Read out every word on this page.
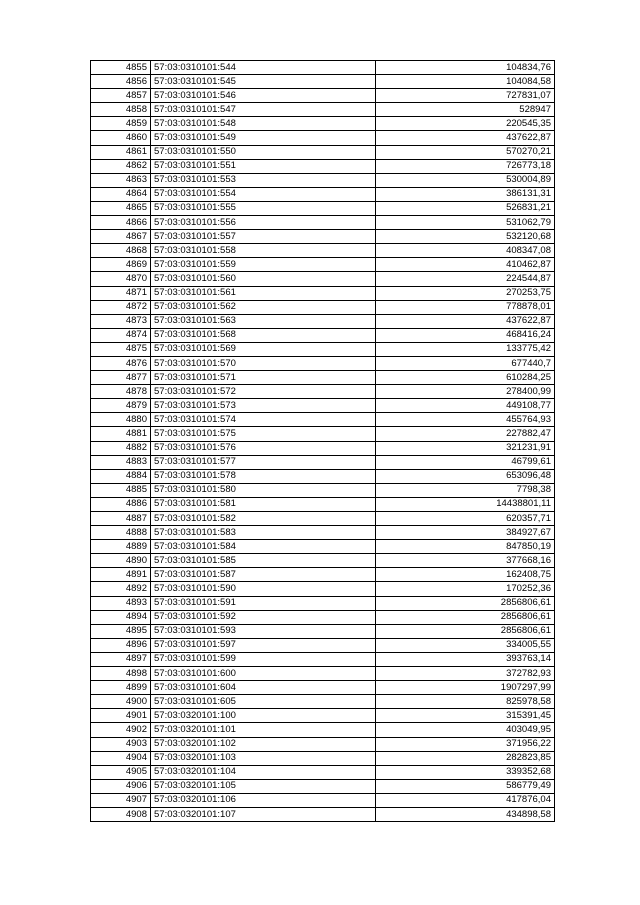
4855	57:03:0310101:544	104834,76
4856	57:03:0310101:545	104084,58
4857	57:03:0310101:546	727831,07
4858	57:03:0310101:547	528947
4859	57:03:0310101:548	220545,35
4860	57:03:0310101:549	437622,87
4861	57:03:0310101:550	570270,21
4862	57:03:0310101:551	726773,18
4863	57:03:0310101:553	530004,89
4864	57:03:0310101:554	386131,31
4865	57:03:0310101:555	526831,21
4866	57:03:0310101:556	531062,79
4867	57:03:0310101:557	532120,68
4868	57:03:0310101:558	408347,08
4869	57:03:0310101:559	410462,87
4870	57:03:0310101:560	224544,87
4871	57:03:0310101:561	270253,75
4872	57:03:0310101:562	778878,01
4873	57:03:0310101:563	437622,87
4874	57:03:0310101:568	468416,24
4875	57:03:0310101:569	133775,42
4876	57:03:0310101:570	677440,7
4877	57:03:0310101:571	610284,25
4878	57:03:0310101:572	278400,99
4879	57:03:0310101:573	449108,77
4880	57:03:0310101:574	455764,93
4881	57:03:0310101:575	227882,47
4882	57:03:0310101:576	321231,91
4883	57:03:0310101:577	46799,61
4884	57:03:0310101:578	653096,48
4885	57:03:0310101:580	7798,38
4886	57:03:0310101:581	14438801,11
4887	57:03:0310101:582	620357,71
4888	57:03:0310101:583	384927,67
4889	57:03:0310101:584	847850,19
4890	57:03:0310101:585	377668,16
4891	57:03:0310101:587	162408,75
4892	57:03:0310101:590	170252,36
4893	57:03:0310101:591	2856806,61
4894	57:03:0310101:592	2856806,61
4895	57:03:0310101:593	2856806,61
4896	57:03:0310101:597	334005,55
4897	57:03:0310101:599	393763,14
4898	57:03:0310101:600	372782,93
4899	57:03:0310101:604	1907297,99
4900	57:03:0310101:605	825978,58
4901	57:03:0320101:100	315391,45
4902	57:03:0320101:101	403049,95
4903	57:03:0320101:102	371956,22
4904	57:03:0320101:103	282823,85
4905	57:03:0320101:104	339352,68
4906	57:03:0320101:105	586779,49
4907	57:03:0320101:106	417876,04
4908	57:03:0320101:107	434898,58
